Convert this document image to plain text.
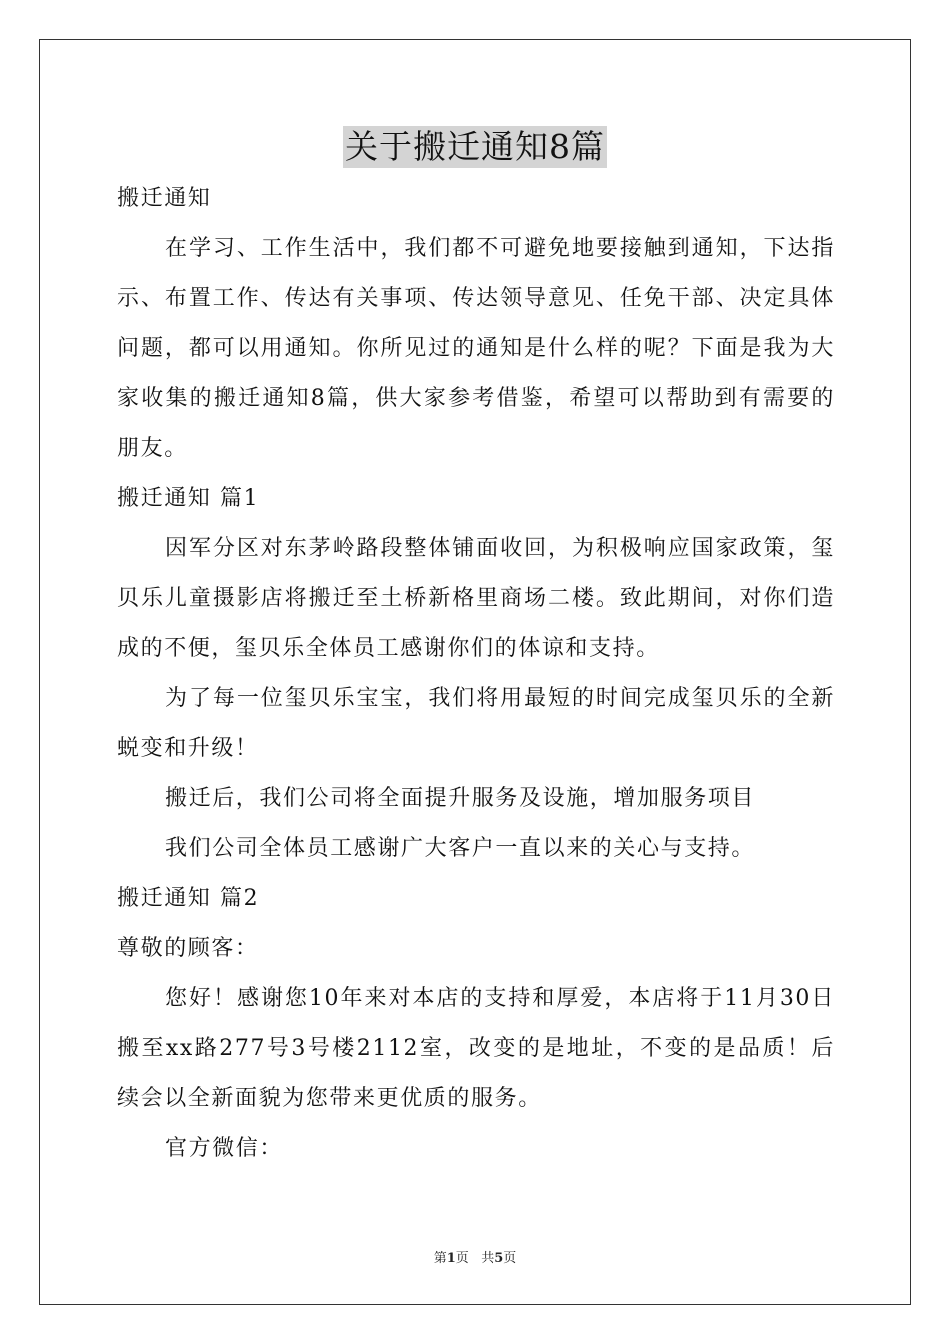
关于搬迁通知8篇
搬迁通知

在学习、工作生活中，我们都不可避免地要接触到通知，下达指示、布置工作、传达有关事项、传达领导意见、任免干部、决定具体问题，都可以用通知。你所见过的通知是什么样的呢？下面是我为大家收集的搬迁通知8篇，供大家参考借鉴，希望可以帮助到有需要的朋友。

搬迁通知 篇1

因军分区对东茅岭路段整体铺面收回，为积极响应国家政策，玺贝乐儿童摄影店将搬迁至土桥新格里商场二楼。致此期间，对你们造成的不便，玺贝乐全体员工感谢你们的体谅和支持。

为了每一位玺贝乐宝宝，我们将用最短的时间完成玺贝乐的全新蜕变和升级！

搬迁后，我们公司将全面提升服务及设施，增加服务项目

我们公司全体员工感谢广大客户一直以来的关心与支持。

搬迁通知 篇2
尊敬的顾客：

您好！感谢您10年来对本店的支持和厚爱，本店将于11月30日搬至xx路277号3号楼2112室，改变的是地址，不变的是品质！后续会以全新面貌为您带来更优质的服务。

官方微信：

第1页 共5页
